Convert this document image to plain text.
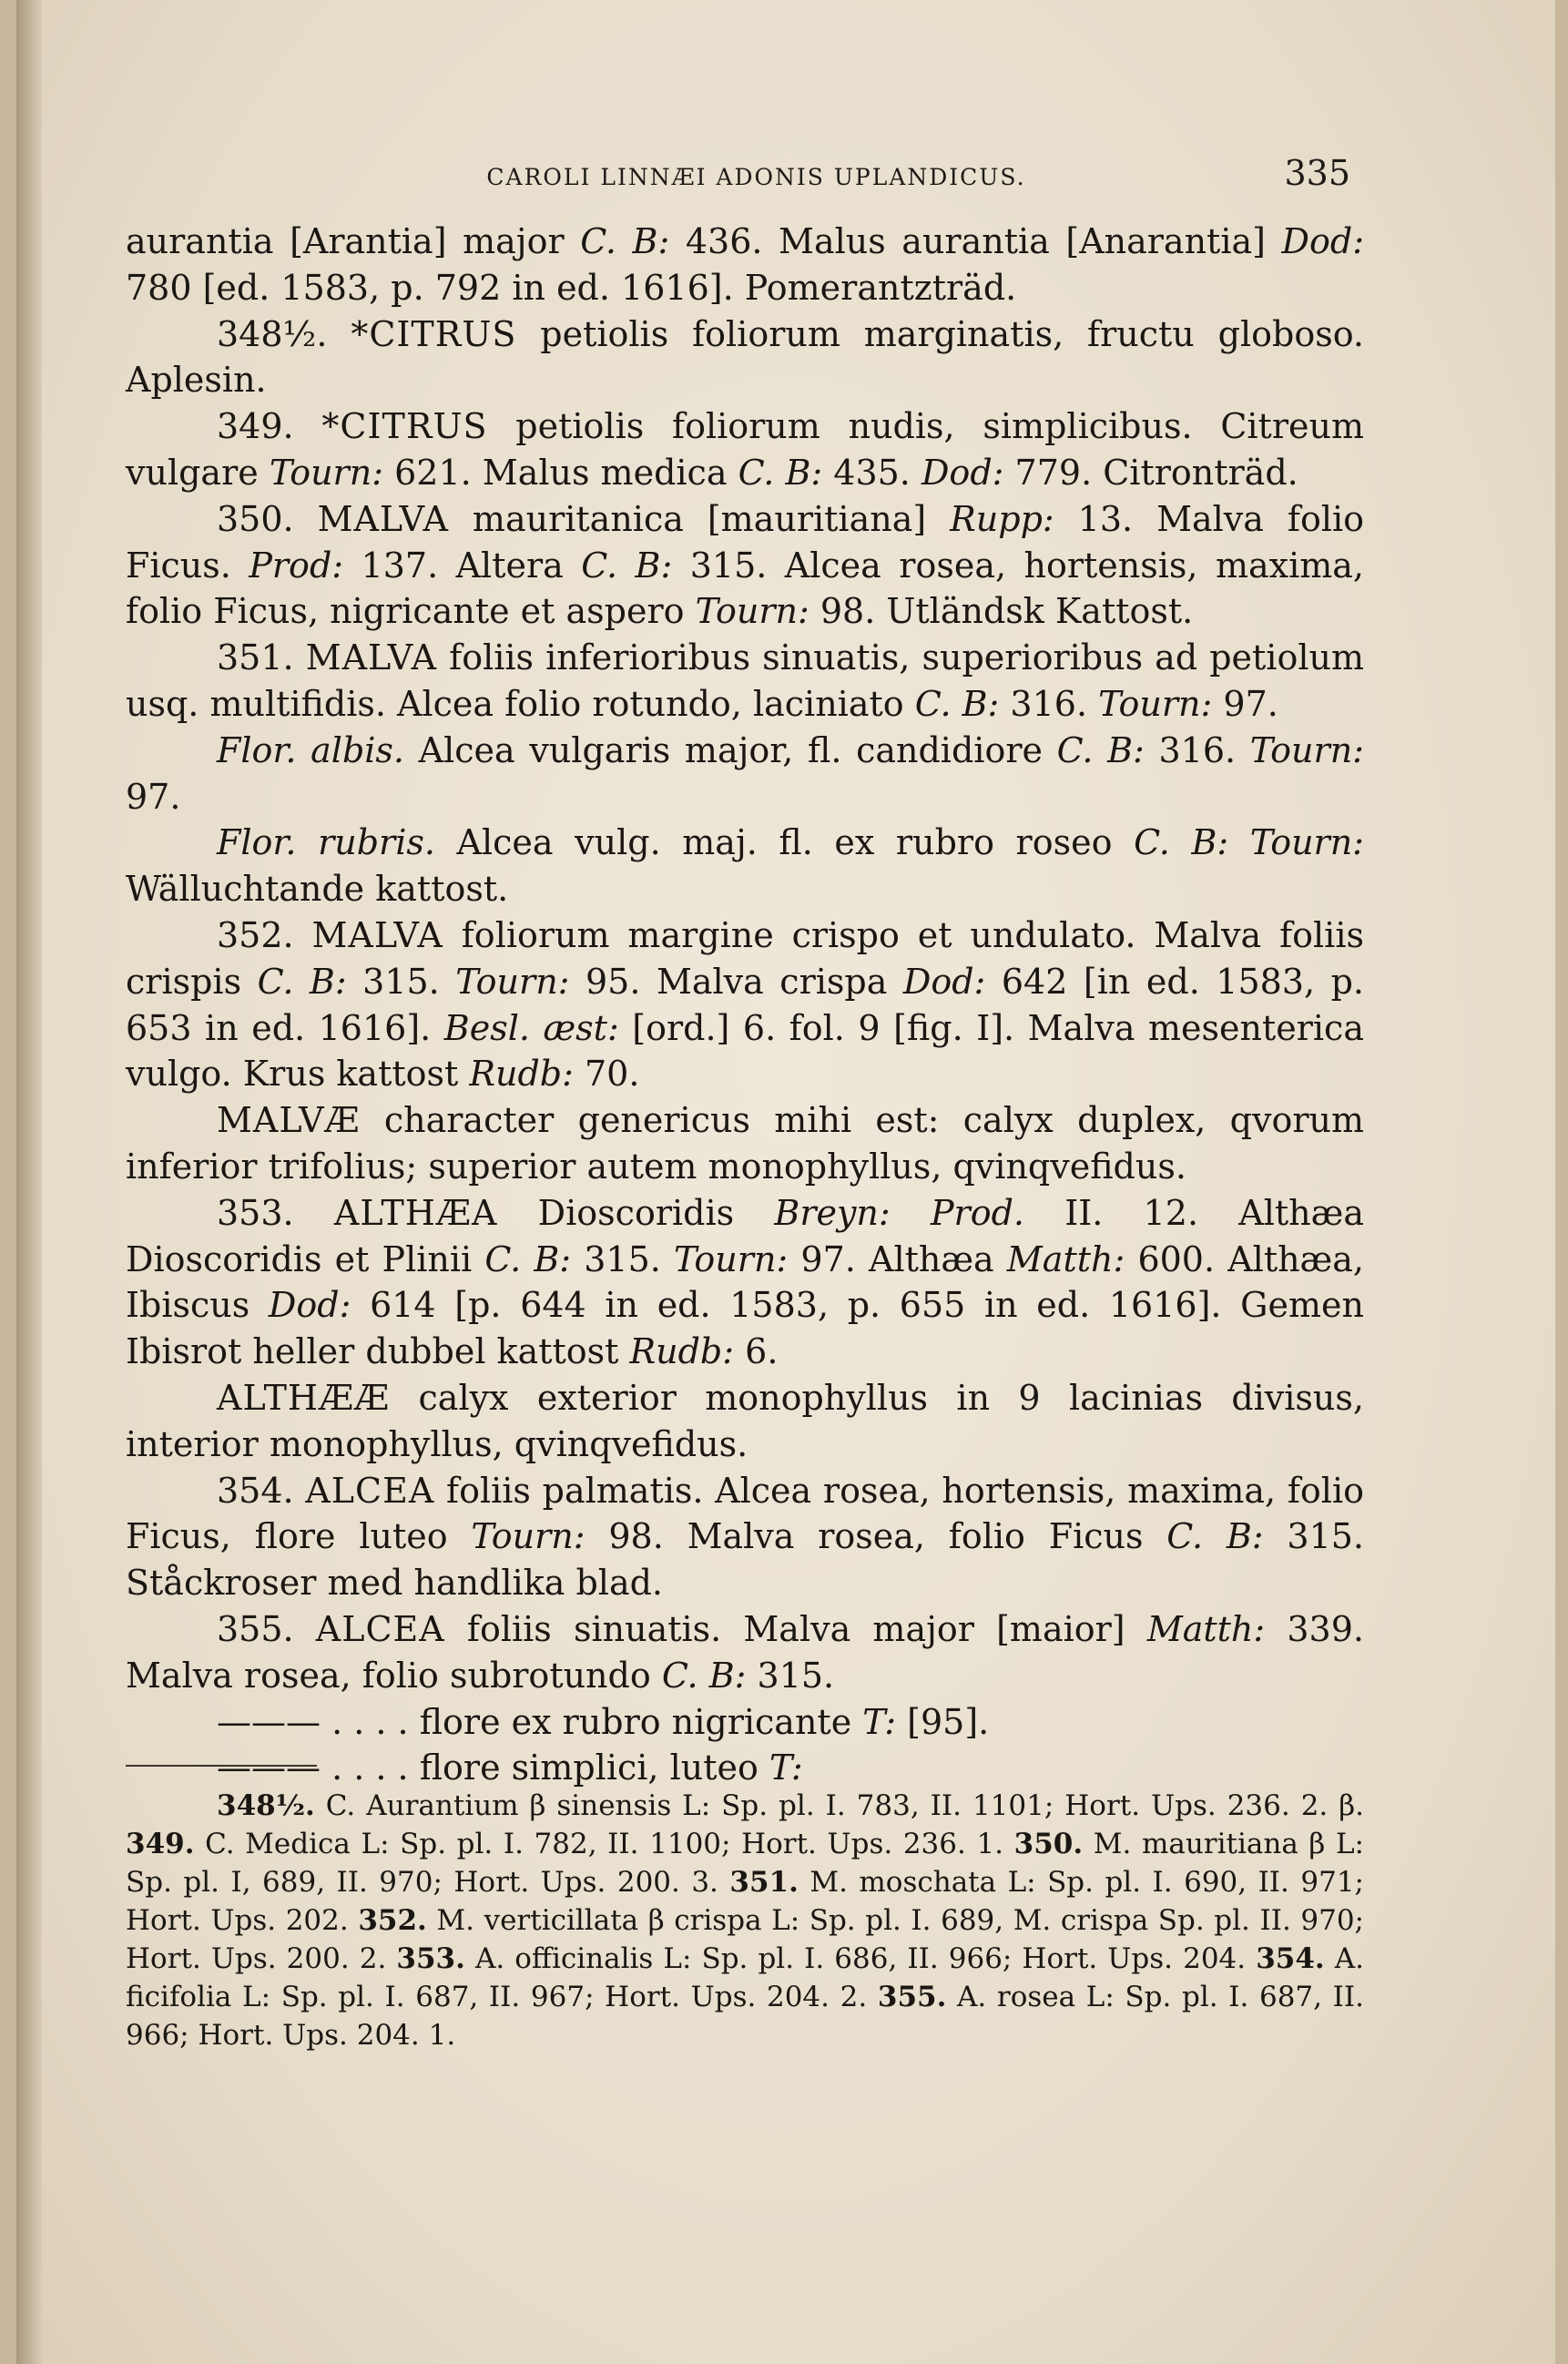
CAROLI LINNÆI ADONIS UPLANDICUS.	335

aurantia [Arantia] major C. B: 436. Malus aurantia [Anarantia] Dod: 780 [ed. 1583, p. 792 in ed. 1616]. Pomerantzträd.

348½. *CITRUS petiolis foliorum marginatis, fructu globoso. Aplesin.

349. *CITRUS petiolis foliorum nudis, simplicibus. Citreum vulgare Tourn: 621. Malus medica C. B: 435. Dod: 779. Citronträd.

350. MALVA mauritanica [mauritiana] Rupp: 13. Malva folio Ficus. Prod: 137. Altera C. B: 315. Alcea rosea, hortensis, maxima, folio Ficus, nigricante et aspero Tourn: 98. Utländsk Kattost.

351. MALVA foliis inferioribus sinuatis, superioribus ad petiolum usq. multifidis. Alcea folio rotundo, laciniato C. B: 316. Tourn: 97.

Flor. albis. Alcea vulgaris major, fl. candidiore C. B: 316. Tourn: 97.

Flor. rubris. Alcea vulg. maj. fl. ex rubro roseo C. B: Tourn: Wälluchtande kattost.

352. MALVA foliorum margine crispo et undulato. Malva foliis crispis C. B: 315. Tourn: 95. Malva crispa Dod: 642 [in ed. 1583, p. 653 in ed. 1616]. Besl. æst: [ord.] 6. fol. 9 [fig. I]. Malva mesenterica vulgo. Krus kattost Rudb: 70.

MALVÆ character genericus mihi est: calyx duplex, qvorum inferior trifolius; superior autem monophyllus, qvinqvefidus.

353. ALTHÆA Dioscoridis Breyn: Prod. II. 12. Althæa Dioscoridis et Plinii C. B: 315. Tourn: 97. Althæa Matth: 600. Althæa, Ibiscus Dod: 614 [p. 644 in ed. 1583, p. 655 in ed. 1616]. Gemen Ibisrot heller dubbel kattost Rudb: 6.

ALTHÆÆ calyx exterior monophyllus in 9 lacinias divisus, interior monophyllus, qvinqvefidus.

354. ALCEA foliis palmatis. Alcea rosea, hortensis, maxima, folio Ficus, flore luteo Tourn: 98. Malva rosea, folio Ficus C. B: 315. Ståckroser med handlika blad.

355. ALCEA foliis sinuatis. Malva major [maior] Matth: 339. Malva rosea, folio subrotundo C. B: 315.

——— . . . . flore ex rubro nigricante T: [95].

——— . . . . flore simplici, luteo T:

348½. C. Aurantium β sinensis L: Sp. pl. I. 783, II. 1101; Hort. Ups. 236. 2. β. 349. C. Medica L: Sp. pl. I. 782, II. 1100; Hort. Ups. 236. 1. 350. M. mauritiana β L: Sp. pl. I, 689, II. 970; Hort. Ups. 200. 3. 351. M. moschata L: Sp. pl. I. 690, II. 971; Hort. Ups. 202. 352. M. verticillata β crispa L: Sp. pl. I. 689, M. crispa Sp. pl. II. 970; Hort. Ups. 200. 2. 353. A. officinalis L: Sp. pl. I. 686, II. 966; Hort. Ups. 204. 354. A. ficifolia L: Sp. pl. I. 687, II. 967; Hort. Ups. 204. 2. 355. A. rosea L: Sp. pl. I. 687, II. 966; Hort. Ups. 204. 1.
